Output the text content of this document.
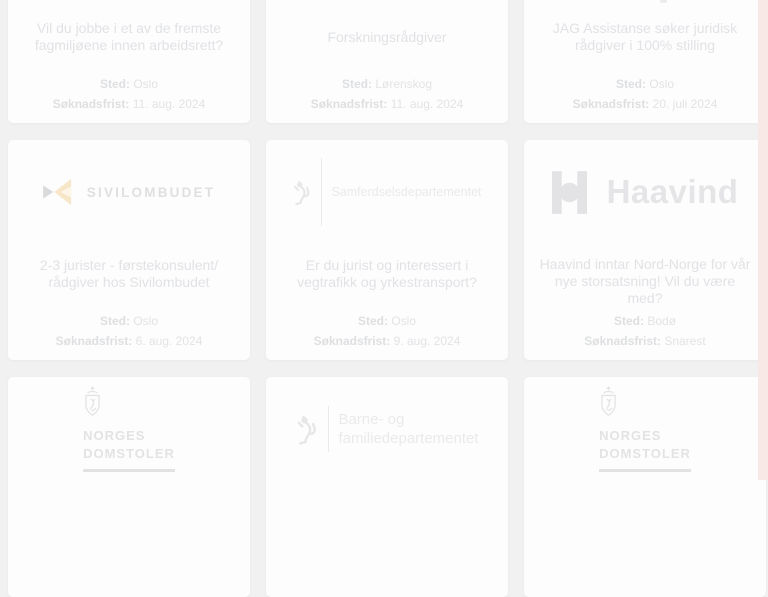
Vil du jobbe i et av de fremste fagmiljøene innen arbeidsrett?
Sted: Oslo
Søknadsfrist: 11. aug. 2024
Forskningsrådgiver
Sted: Lørenskog
Søknadsfrist: 11. aug. 2024
JAG Assistanse søker juridisk rådgiver i 100% stilling
Sted: Oslo
Søknadsfrist: 20. juli 2024
SIVILOMBUDET
2-3 jurister - førstekonsulent/ rådgiver hos Sivilombudet
Sted: Oslo
Søknadsfrist: 6. aug. 2024
Samferdselsdepartementet
Er du jurist og interessert i vegtrafikk og yrkestransport?
Sted: Oslo
Søknadsfrist: 9. aug. 2024
Haavind
Haavind inntar Nord-Norge for vår nye storsatsning! Vil du være med?
Sted: Bodø
Søknadsfrist: Snarest
NORGES
DOMSTOLER
Barne- og
familiedepartementet	NORGES
DOMSTOLER
